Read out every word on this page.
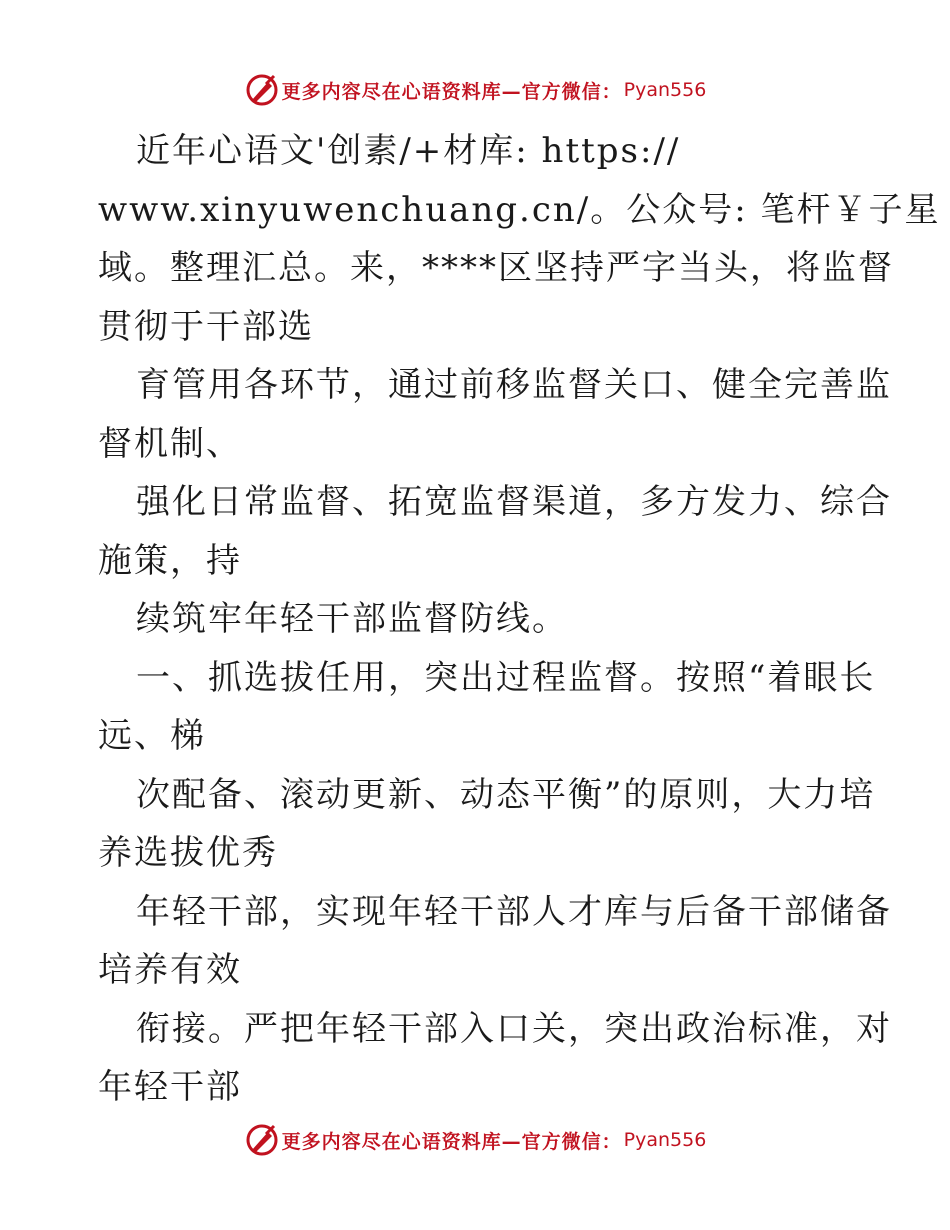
更多内容尽在心语资料库—官方微信： Pyan556

近年心语文'创素/+材库: https://

www.xinyuwenchuang.cn/。公众号: 笔杆￥子星

域。整理汇总。来，****区坚持严字当头，将监督

贯彻于干部选

育管用各环节，通过前移监督关口、健全完善监

督机制、

强化日常监督、拓宽监督渠道，多方发力、综合

施策，持

续筑牢年轻干部监督防线。

一、抓选拔任用，突出过程监督。按照“着眼长

远、梯

次配备、滚动更新、动态平衡”的原则，大力培

养选拔优秀

年轻干部，实现年轻干部人才库与后备干部储备

培养有效

衔接。严把年轻干部入口关，突出政治标准，对

年轻干部

更多内容尽在心语资料库—官方微信： Pyan556
